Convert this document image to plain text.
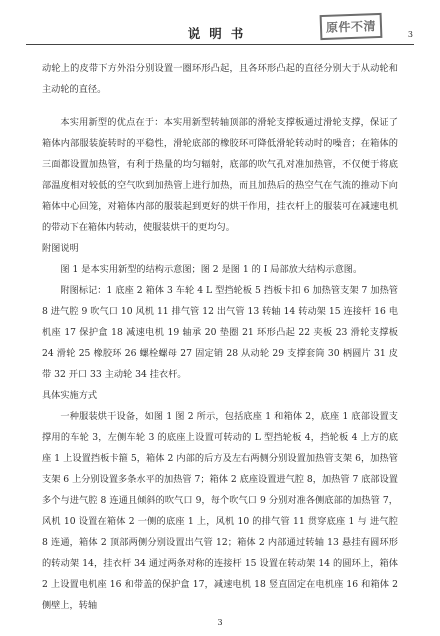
说明书	原件不清	3

动轮上的皮带下方外沿分别设置一圈环形凸起，且各环形凸起的直径分别大于从动轮和主动轮的直径。

本实用新型的优点在于：本实用新型转轴顶部的滑轮支撑板通过滑轮支撑，保证了箱体内部服装旋转时的平稳性，滑轮底部的橡胶环可降低滑轮转动时的噪音；在箱体的三面都设置加热管，有利于热量的均匀辐射，底部的吹气孔对准加热管，不仅便于将底部温度相对较低的空气吹到加热管上进行加热，而且加热后的热空气在气流的推动下向箱体中心回笼，对箱体内部的服装起到更好的烘干作用，挂衣杆上的服装可在减速电机的带动下在箱体内转动，使服装烘干的更均匀。

附图说明

图 1 是本实用新型的结构示意图；图 2 是图 1 的 I 局部放大结构示意图。

附图标记：1 底座 2 箱体 3 车轮 4 L 型挡轮板 5 挡板卡扣 6 加热管支架 7 加热管 8 进气腔 9 吹气口 10 风机 11 排气管 12 出气管 13 转轴 14 转动架 15 连接杆 16 电机座 17 保护盒 18 减速电机 19 轴承 20 垫圈 21 环形凸起 22 夹板 23 滑轮支撑板 24 滑轮 25 橡胶环 26 螺栓螺母 27 固定销 28 从动轮 29 支撑套筒 30 柄圆片 31 皮带 32 开口 33 主动轮 34 挂衣杆。

具体实施方式

一种服装烘干设备，如图 1 图 2 所示，包括底座 1 和箱体 2，底座 1 底部设置支撑用的车轮 3，左侧车轮 3 的底座上设置可转动的 L 型挡轮板 4，挡轮板 4 上方的底座 1 上设置挡板卡箍 5，箱体 2 内部的后方及左右两侧分别设置加热管支架 6，加热管支架 6 上分别设置多条水平的加热管 7；箱体 2 底座设置进气腔 8，加热管 7 底部设置多个与进气腔 8 连通且倾斜的吹气口 9，每个吹气口 9 分别对准各侧底部的加热管 7，风机 10 设置在箱体 2 一侧的底座 1 上，风机 10 的排气管 11 贯穿底座 1 与 进气腔 8 连通，箱体 2 顶部两侧分别设置出气管 12；箱体 2 内部通过转轴 13 悬挂有圆环形的转动架 14，挂衣杆 34 通过两条对称的连接杆 15 设置在转动架 14 的圆环上，箱体 2 上设置电机座 16 和带盖的保护盒 17，减速电机 18 竖直固定在电机座 16 和箱体 2 侧壁上，转轴

3
